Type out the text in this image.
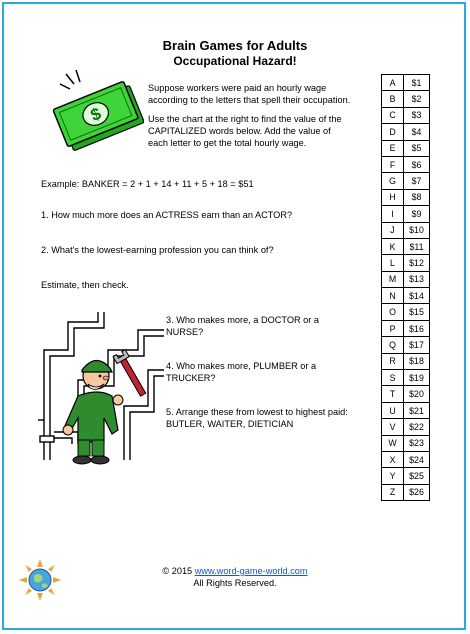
Brain Games for Adults
Occupational Hazard!
$
Suppose workers were paid an hourly wage
according to the letters that spell their occupation.
Use the chart at the right to find the value of the
CAPITALIZED words below. Add the value of
each letter to get the total hourly wage.
Example: BANKER = 2 + 1 + 14 + 11 + 5 + 18 = $51
1. How much more does an ACTRESS earn than an ACTOR?
2. What's the lowest-earning profession you can think of?
Estimate, then check.
3. Who makes more, a DOCTOR or a
NURSE?
4. Who makes more, PLUMBER or a
TRUCKER?
5. Arrange these from lowest to highest paid:
BUTLER, WAITER, DIETICIAN
A	$1
B	$2
C	$3
D	$4
E	$5
F	$6
G	$7
H	$8
I	$9
J	$10
K	$11
L	$12
M	$13
N	$14
O	$15
P	$16
Q	$17
R	$18
S	$19
T	$20
U	$21
V	$22
W	$23
X	$24
Y	$25
Z	$26
© 2015 www.word-game-world.com
All Rights Reserved.
